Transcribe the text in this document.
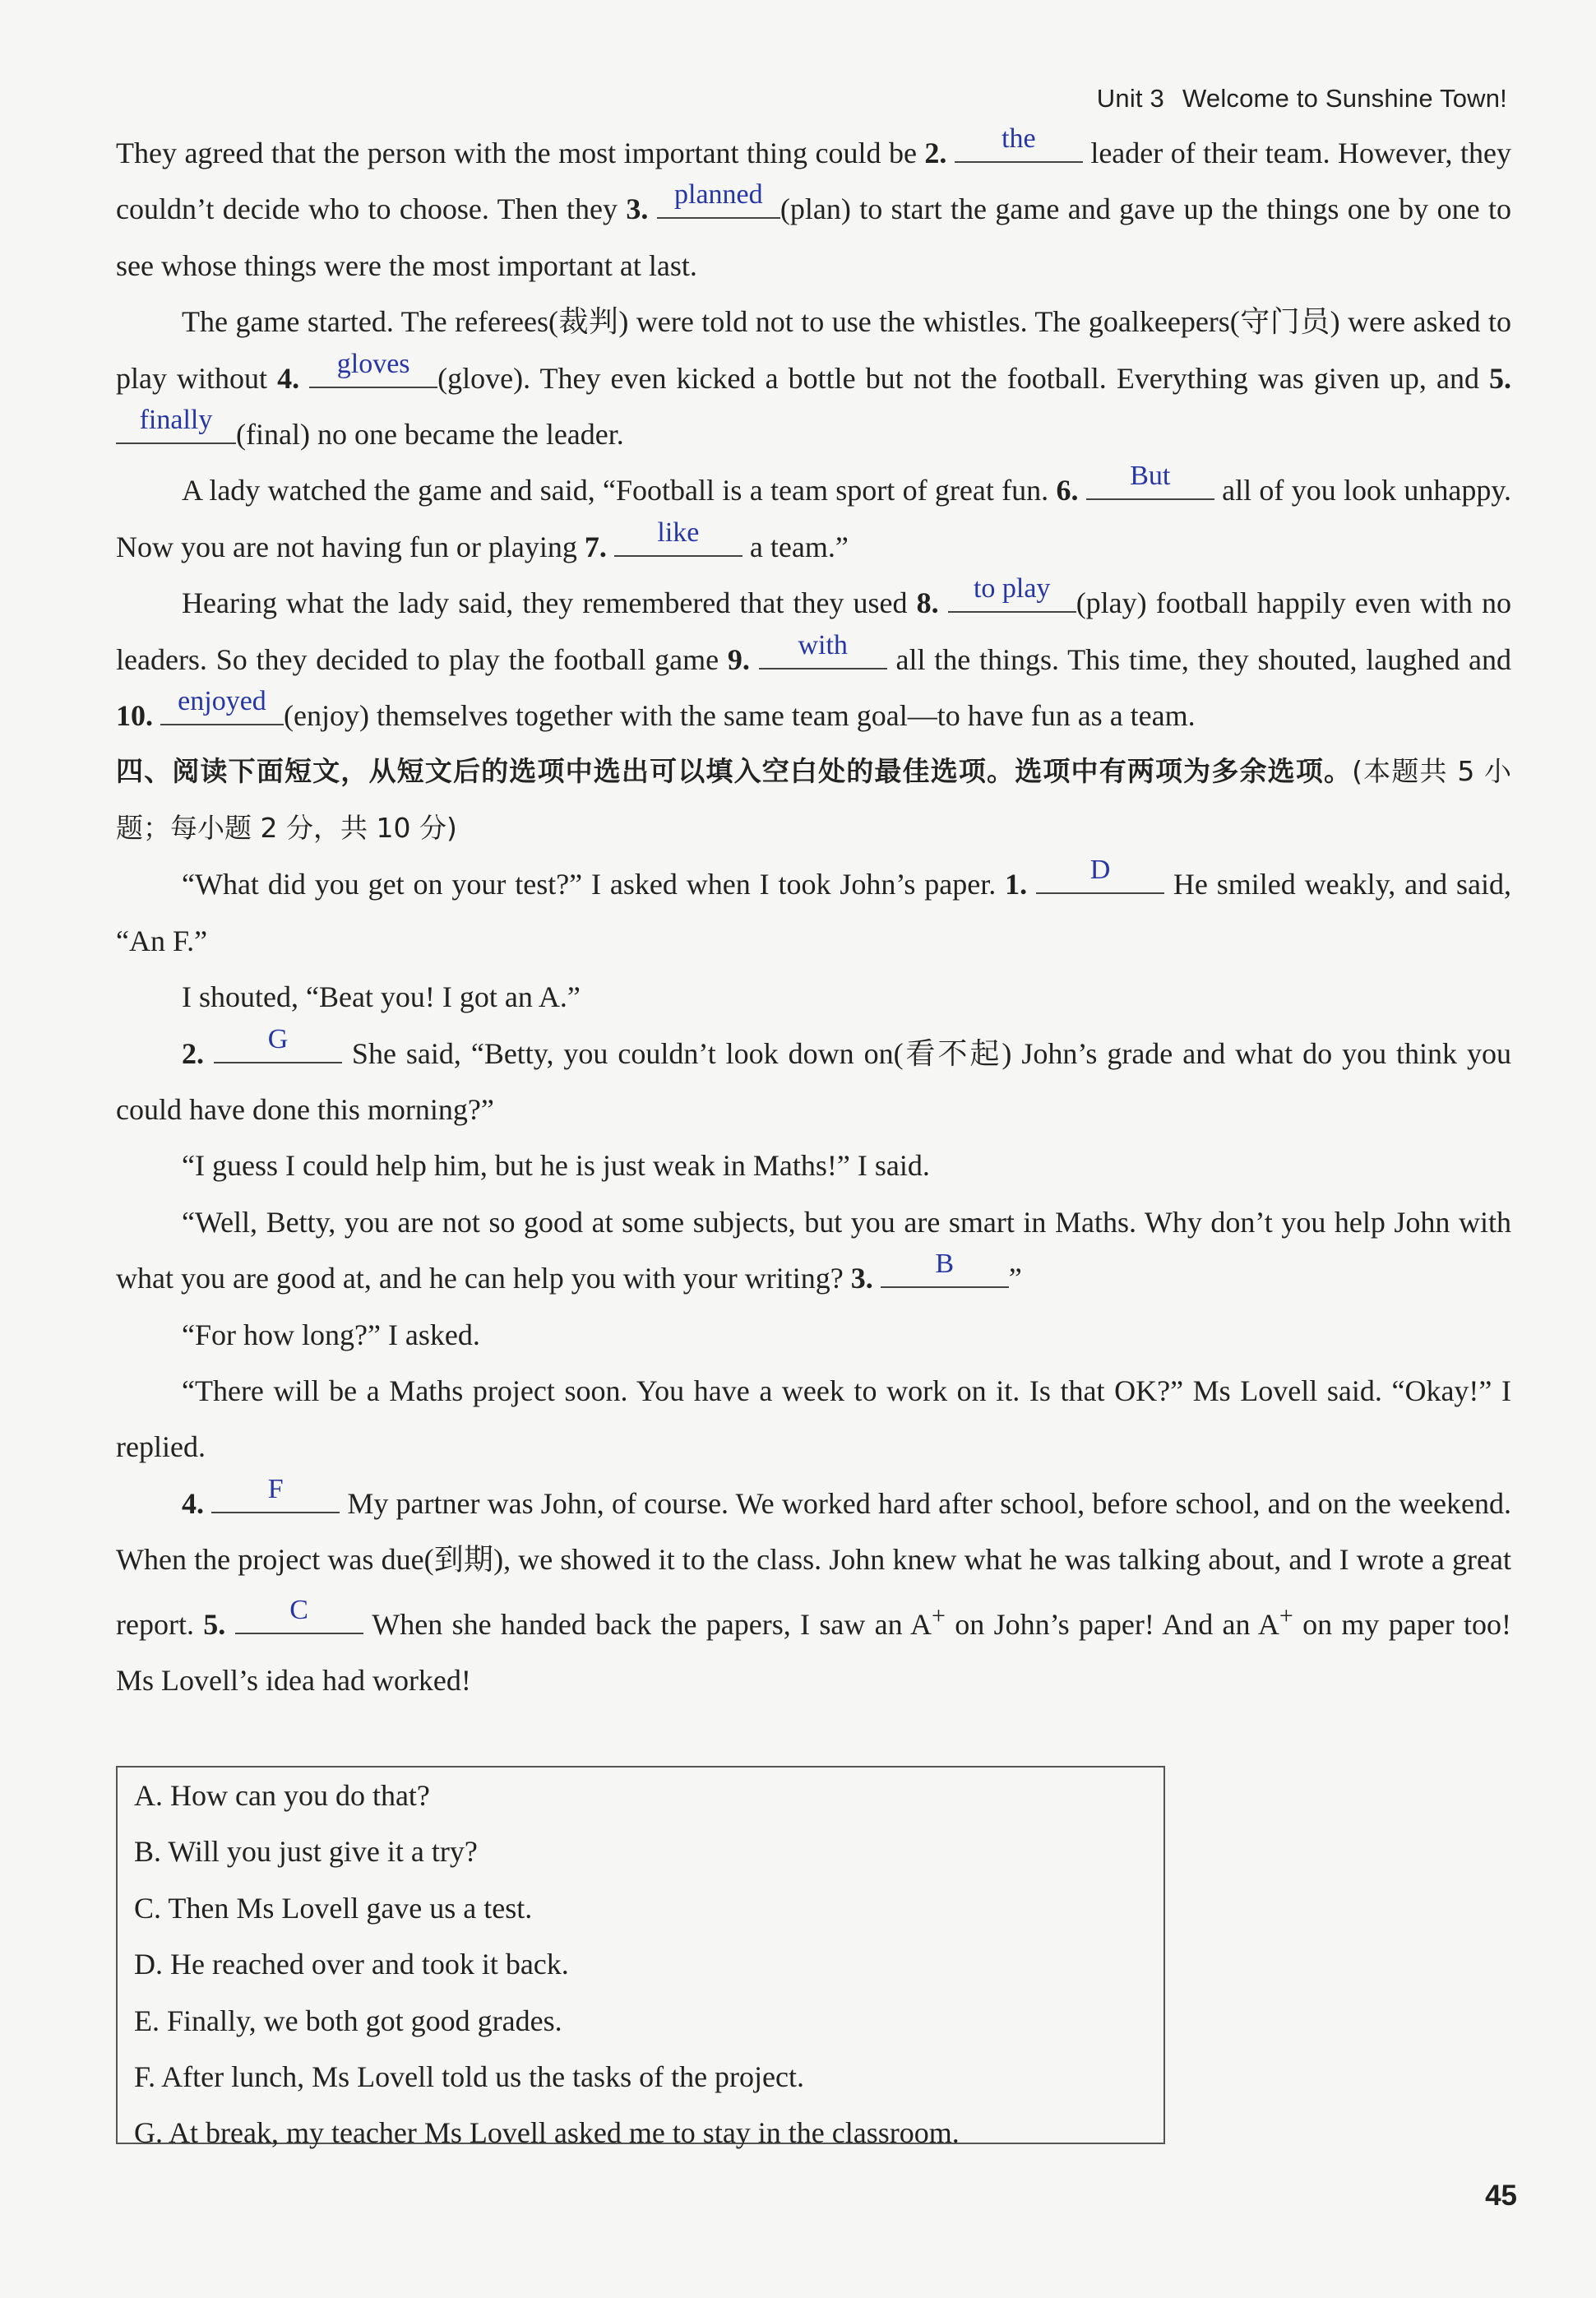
Unit 3 Welcome to Sunshine Town!

They agreed that the person with the most important thing could be 2.	the	leader of their team. However, they couldn’t decide who to choose. Then they 3. planned (plan) to start the game and gave up the things one by one to see whose things were the most important at last.

The game started. The referees(裁判) were told not to use the whistles. The goalkeepers(守门员) were asked to play without 4.	gloves (glove). They even kicked a bottle but not the football. Everything was given up, and 5.
finally (final) no one became the leader.

A lady watched the game and said, “Football is a team sport of great fun. 6.	But	all of you look unhappy. Now you are not having fun or playing 7.	like	a team.”

Hearing what the lady said, they remembered that they used 8.	to play (play) football happily even with no leaders. So they decided to play the football game 9.	with	all the things. This time, they shouted, laughed and 10. enjoyed (enjoy) themselves together with the same team goal—to have fun as a team.

四、阅读下面短文，从短文后的选项中选出可以填入空白处的最佳选项。选项中有两项为多余选项。(本题共 5 小题；每小题 2 分，共 10 分)

“What did you get on your test?” I asked when I took John’s paper. 1.	D	He smiled weakly, and said, “An F.”

I shouted, “Beat you! I got an A.”

2.	G	She said, “Betty, you couldn’t look down on(看不起) John’s grade and what do you think you could have done this morning?”

“I guess I could help him, but he is just weak in Maths!” I said.

“Well, Betty, you are not so good at some subjects, but you are smart in Maths. Why don’t you help John with what you are good at, and he can help you with your writing? 3.	B	”

“For how long?” I asked.

“There will be a Maths project soon. You have a week to work on it. Is that OK?” Ms Lovell said. “Okay!” I replied.

4.	F	My partner was John, of course. We worked hard after school, before school, and on the weekend. When the project was due(到期), we showed it to the class. John knew what he was talking about, and I wrote a great report. 5.	C	When she handed back the papers, I saw an A+ on John’s paper! And an A+ on my paper too! Ms Lovell’s idea had worked!

A. How can you do that?
B. Will you just give it a try?
C. Then Ms Lovell gave us a test.
D. He reached over and took it back.
E. Finally, we both got good grades.
F. After lunch, Ms Lovell told us the tasks of the project.
G. At break, my teacher Ms Lovell asked me to stay in the classroom.
45
